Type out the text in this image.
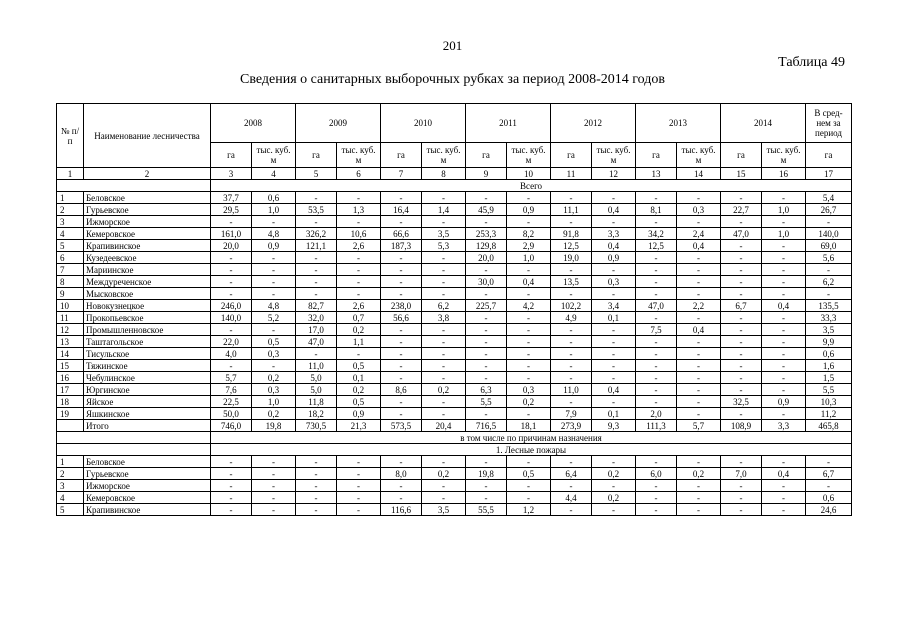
201
Таблица 49
Сведения о санитарных выборочных рубках за период 2008-2014 годов
№ п/п	Наименование лесничества	2008		2009		2010		2011		2012		2013		2014		В сред-нем за период
		га	тыс. куб. м	га	тыс. куб. м	га	тыс. куб. м	га	тыс. куб. м	га	тыс. куб. м	га	тыс. куб. м	га	тыс. куб. м	га
1	2	3	4	5	6	7	8	9	10	11	12	13	14	15	16	17
		Всего														
1	Беловское	37,7	0,6	-	-	-	-	-	-	-	-	-	-	-	-	5,4
2	Гурьевское	29,5	1,0	53,5	1,3	16,4	1,4	45,9	0,9	11,1	0,4	8,1	0,3	22,7	1,0	26,7
3	Ижморское	-	-	-	-	-	-	-	-	-	-	-	-	-	-	-
4	Кемеровское	161,0	4,8	326,2	10,6	66,6	3,5	253,3	8,2	91,8	3,3	34,2	2,4	47,0	1,0	140,0
5	Крапивинское	20,0	0,9	121,1	2,6	187,3	5,3	129,8	2,9	12,5	0,4	12,5	0,4	-	-	69,0
6	Кузедеевское	-	-	-	-	-	-	20,0	1,0	19,0	0,9	-	-	-	-	5,6
7	Мариинское	-	-	-	-	-	-	-	-	-	-	-	-	-	-	-
8	Междуреченское	-	-	-	-	-	-	30,0	0,4	13,5	0,3	-	-	-	-	6,2
9	Мысковское	-	-	-	-	-	-	-	-	-	-	-	-	-	-	-
10	Новокузнецкое	246,0	4,8	82,7	2,6	238,0	6,2	225,7	4,2	102,2	3,4	47,0	2,2	6,7	0,4	135,5
11	Прокопьевское	140,0	5,2	32,0	0,7	56,6	3,8	-	-	4,9	0,1	-	-	-	-	33,3
12	Промышленновское	-	-	17,0	0,2	-	-	-	-	-	-	7,5	0,4	-	-	3,5
13	Таштагольское	22,0	0,5	47,0	1,1	-	-	-	-	-	-	-	-	-	-	9,9
14	Тисульское	4,0	0,3	-	-	-	-	-	-	-	-	-	-	-	-	0,6
15	Тяжинское	-	-	11,0	0,5	-	-	-	-	-	-	-	-	-	-	1,6
16	Чебулинское	5,7	0,2	5,0	0,1	-	-	-	-	-	-	-	-	-	-	1,5
17	Юргинское	7,6	0,3	5,0	0,2	8,6	0,2	6,3	0,3	11,0	0,4	-	-	-	-	5,5
18	Яйское	22,5	1,0	11,8	0,5	-	-	5,5	0,2	-	-	-	-	32,5	0,9	10,3
19	Яшкинское	50,0	0,2	18,2	0,9	-	-	-	-	7,9	0,1	2,0	-	-	-	11,2
	Итого	746,0	19,8	730,5	21,3	573,5	20,4	716,5	18,1	273,9	9,3	111,3	5,7	108,9	3,3	465,8
		в том числе по причинам назначения														
		1. Лесные пожары														
1	Беловское	-	-	-	-	-	-	-	-	-	-	-	-	-	-	-
2	Гурьевское	-	-	-	-	8,0	0,2	19,8	0,5	6,4	0,2	6,0	0,2	7,0	0,4	6,7
3	Ижморское	-	-	-	-	-	-	-	-	-	-	-	-	-	-	-
4	Кемеровское	-	-	-	-	-	-	-	-	4,4	0,2	-	-	-	-	0,6
5	Крапивинское	-	-	-	-	116,6	3,5	55,5	1,2	-	-	-	-	-	-	24,6
